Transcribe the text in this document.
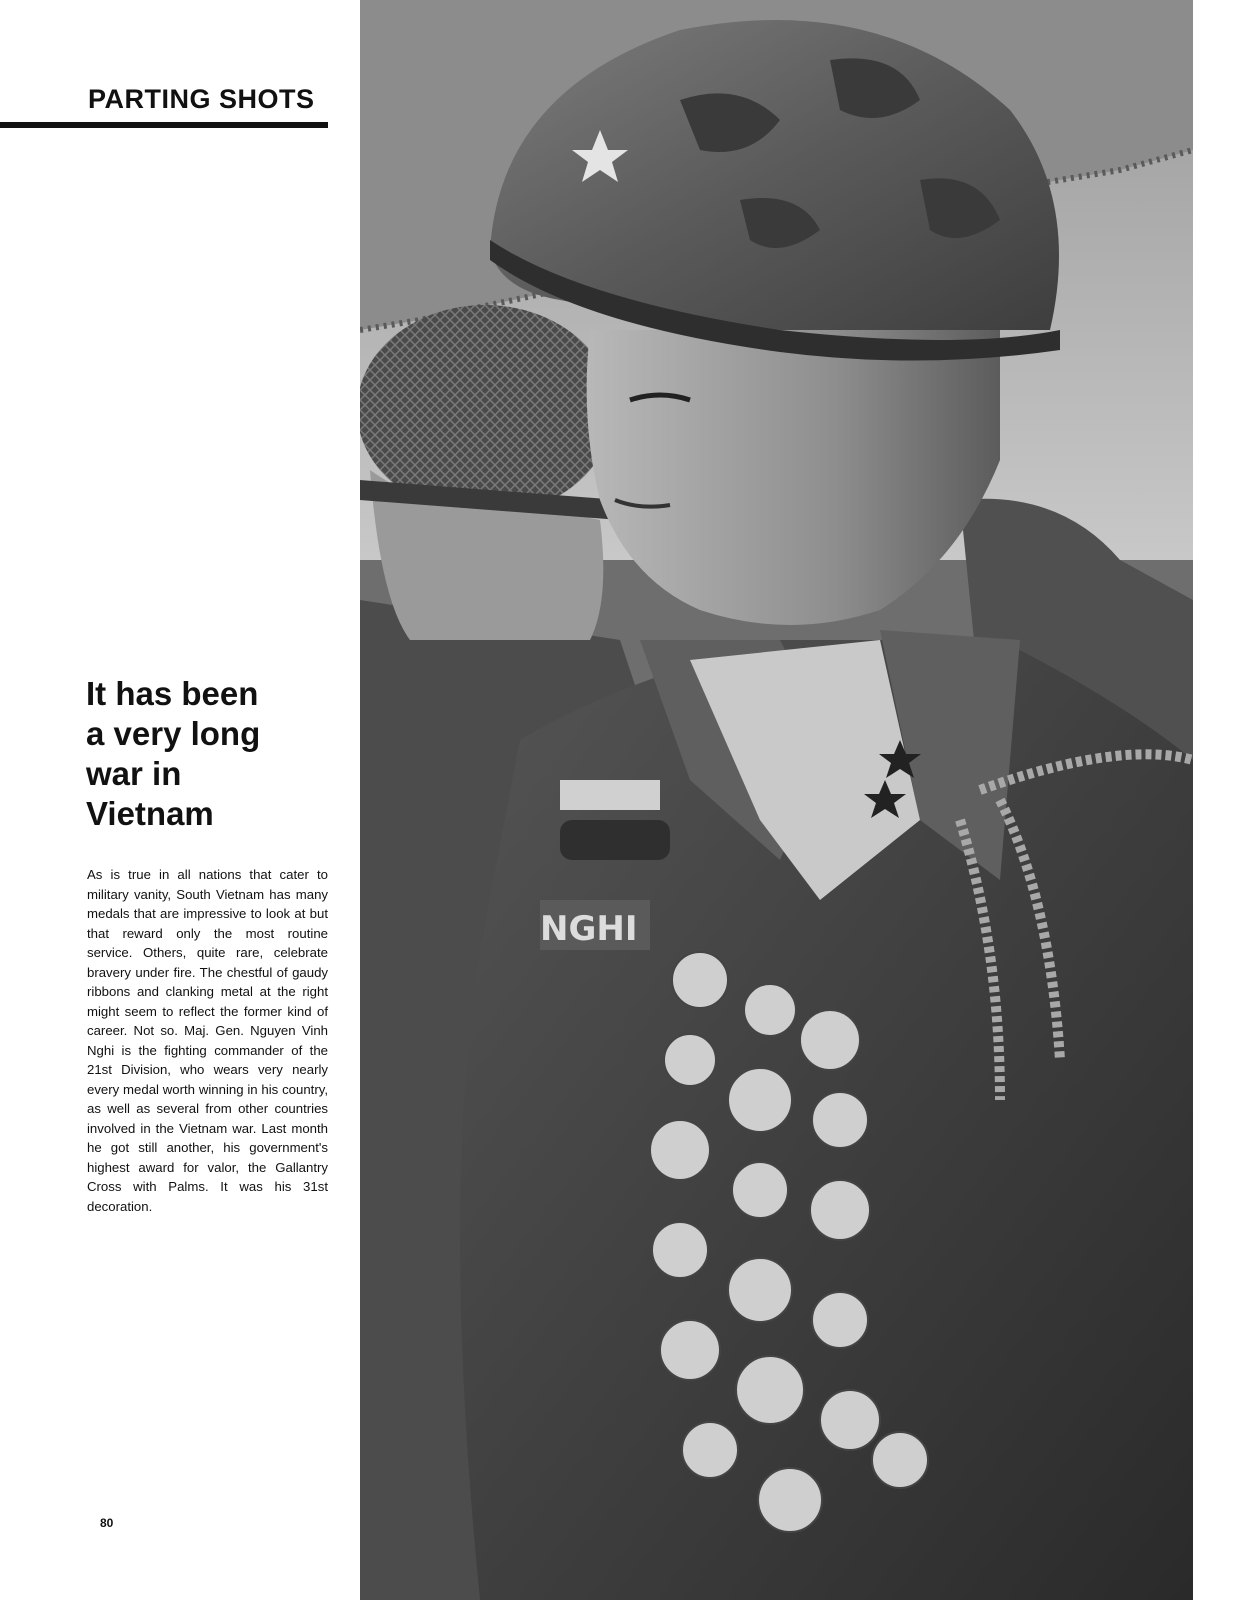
PARTING SHOTS
It has been
a very long
war in
Vietnam
As is true in all nations that cater to military vanity, South Vietnam has many medals that are impressive to look at but that reward only the most routine service. Others, quite rare, celebrate bravery under fire. The chestful of gaudy ribbons and clanking metal at the right might seem to reflect the former kind of career. Not so. Maj. Gen. Nguyen Vinh Nghi is the fighting commander of the 21st Division, who wears very nearly every medal worth winning in his country, as well as several from other countries involved in the Vietnam war. Last month he got still another, his government's highest award for valor, the Gallantry Cross with Palms. It was his 31st decoration.
80
NGHI
